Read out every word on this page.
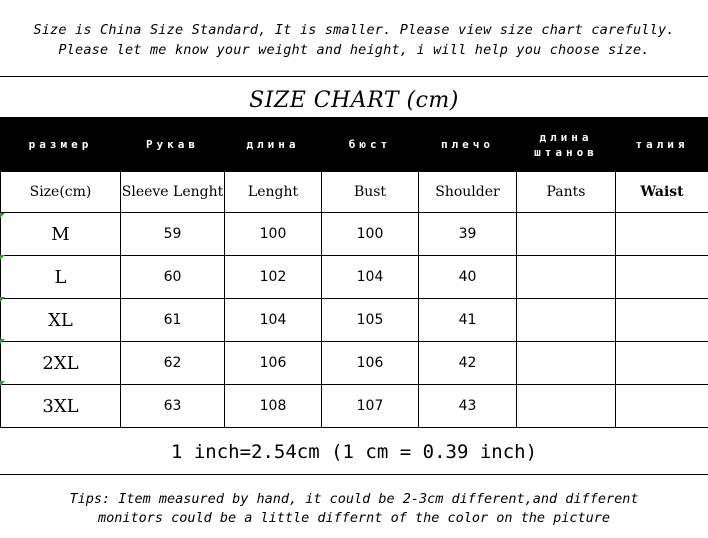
Size is China Size Standard, It is smaller. Please view size chart carefully.
Please let me know your weight and height, i will help you choose size.
SIZE CHART (cm)
размер	Рукав	длина	бюст	плечо	длина штанов	талия
Size(cm)	Sleeve Lenght	Lenght	Bust	Shoulder	Pants	Waist
M	59	100	100	39		
L	60	102	104	40		
XL	61	104	105	41		
2XL	62	106	106	42		
3XL	63	108	107	43		
1 inch=2.54cm (1 cm = 0.39 inch)
Tips: Item measured by hand, it could be 2-3cm different,and different
monitors could be a little differnt of the color on the picture
